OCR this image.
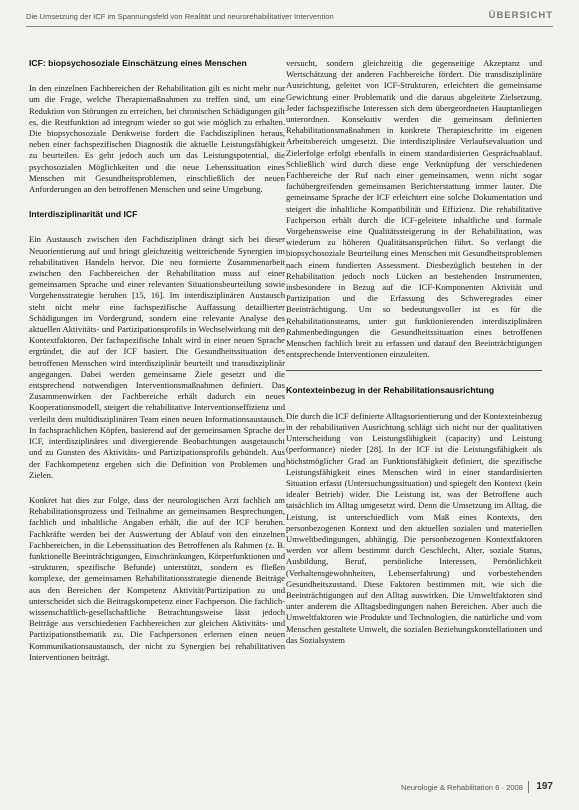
Die Umsetzung der ICF im Spannungsfeld von Realität und neurorehabilitativer Intervention	ÜBERSICHT
ICF: biopsychosoziale Einschätzung eines Menschen

In den einzelnen Fachbereichen der Rehabilitation gilt es nicht mehr nur um die Frage, welche Therapiemaßnahmen zu treffen sind, um eine Reduktion von Störungen zu erreichen, bei chronischen Schädigungen gilt es, die Restfunktion ad integrum wieder so gut wie möglich zu erhalten. Die biopsychosoziale Denkweise fordert die Fachdisziplinen heraus, neben einer fachspezifischen Diagnostik die aktuelle Leistungsfähigkeit zu beurteilen. Es geht jedoch auch um das Leistungspotential, die psychosozialen Möglichkeiten und die neue Lebenssituation eines Menschen mit Gesundheitsproblemen, einschließlich der neuen Anforderungen an den betroffenen Menschen und seine Umgebung.

Interdisziplinarität und ICF

Ein Austausch zwischen den Fachdisziplinen drängt sich bei dieser Neuorientierung auf und bringt gleichzeitig weitreichende Synergien im rehabilitativen Handeln hervor. Die neu formierte Zusammenarbeit zwischen den Fachbereichen der Rehabilitation muss auf einer gemeinsamen Sprache und einer relevanten Situationsbeurteilung sowie Vorgehensstrategie beruhen [15, 16]. Im interdisziplinären Austausch steht nicht mehr eine fachspezifische Auffassung detaillierter Schädigungen im Vordergrund, sondern eine relevante Analyse des aktuellen Aktivitäts- und Partizipationsprofils in Wechselwirkung mit den Kontextfaktoren. Der fachspezifische Inhalt wird in einer neuen Sprache ergründet, die auf der ICF basiert. Die Gesundheitssituation des betroffenen Menschen wird interdisziplinär beurteilt und transdisziplinär angegangen. Dabei werden gemeinsame Ziele gesetzt und die entsprechend notwendigen Interventionsmaßnahmen definiert. Das Zusammenwirken der Fachbereiche erhält dadurch ein neues Kooperationsmodell, steigert die rehabilitative Interventionseffizienz und verleiht dem multidisziplinären Team einen neuen Informationsaustausch. In fachsprachlichen Köpfen, basierend auf der gemeinsamen Sprache der ICF, interdisziplinäres und divergierende Beobachtungen ausgetauscht und zu Gunsten des Aktivitäts- und Partizipationsprofils gebündelt. Aus der Fachkompetenz ergeben sich die Definition von Problemen und Zielen.

Konkret hat dies zur Folge, dass der neurologischen Arzt fachlich am Rehabilitationsprozess und Teilnahme an gemeinsamen Besprechungen, fachlich und inhaltliche Angaben erhält, die auf der ICF beruhen. Fachkräfte werden bei der Auswertung der Ablauf von den einzelnen Fachbereichen, in die Lebenssituation des Betroffenen als Rahmen (z. B. funktionelle Beeinträchtigungen, Einschränkungen, Körperfunktionen und -strukturen, spezifische Befunde) unterstützt, sondern es fließen komplexe, der gemeinsamen Rehabilitationsstrategie dienende Beiträge aus den Bereichen der Kompetenz Aktivität/Partizipation zu und unterscheidet sich die Beitragskompetenz einer Fachperson. Die fachlich-wissenschaftlich-gesellschaftliche Betrachtungsweise lässt jedoch Beiträge aus verschiedenen Fachbereichen zur gleichen Aktivitäts- und Partizipationsthematik zu. Die Fachpersonen erlernen einen neuen Kommunikationsaustausch, der nicht zu Synergien bei rehabilitativen Interventionen beiträgt.

versucht, sondern gleichzeitig die gegenseitige Akzeptanz und Wertschätzung der anderen Fachbereiche fördert. Die transdisziplinäre Ausrichtung, geleitet von ICF-Strukturen, erleichtert die gemeinsame Gewichtung einer Problematik und die daraus abgeleitete Zielsetzung. Jeder fachspezifische Interessen sich dem übergeordneten Hauptanliegen unterordnen. Konsekutiv werden die gemeinsam definierten Rehabilitationsmaßnahmen in konkrete Therapieschritte im eigenen Arbeitsbereich umgesetzt. Die interdisziplinäre Verlaufsevaluation und Zielerfolge erfolgt ebenfalls in einem standardisierten Gesprächsablauf. Schließlich wird durch diese enge Verknüpfung der verschiedenen Fachbereiche der Ruf nach einer gemeinsamen, wenn nicht sogar fachübergreifenden gemeinsamen Berichterstattung immer lauter. Die gemeinsame Sprache der ICF erleichtert eine solche Dokumentation und steigert die inhaltliche Kompatibilität und Effizienz. Die rehabilitative Fachperson erhält durch die ICF-geleitete inhaltliche und formale Vorgehensweise eine Qualitätssteigerung in der Rehabilitation, was wiederum zu höheren Qualitätsansprüchen führt. So verlangt die biopsychosoziale Beurteilung eines Menschen mit Gesundheitsproblemen nach einem fundierten Assessment. Diesbezüglich bestehen in der Rehabilitation jedoch noch Lücken an bestehenden Instrumenten, insbesondere in Bezug auf die ICF-Komponenten Aktivität und Partizipation und die Erfassung des Schweregrades einer Beeinträchtigung. Um so bedeutungsvoller ist es für die Rehabilitationsteams, unter gut funktionierenden interdisziplinären Rahmenbedingungen die Gesundheitssituation eines betroffenen Menschen fachlich breit zu erfassen und darauf den Beeinträchtigungen entsprechende Interventionen einzuleiten.

Kontexteinbezug in der Rehabilitationsausrichtung

Die durch die ICF definierte Alltagsorientierung und der Kontexteinbezug in der rehabilitativen Ausrichtung schlägt sich nicht nur der qualitativen Unterscheidung von Leistungsfähigkeit (capacity) und Leistung (performance) nieder [28]. In der ICF ist die Leistungsfähigkeit als höchstmöglicher Grad an Funktionsfähigkeit definiert, die spezifische Leistungsfähigkeit eines Menschen wird in einer standardisierten Situation erfasst (Untersuchungssituation) und spiegelt den Kontext (kein idealer Betrieb) wider. Die Leistung ist, was der Betroffene auch tatsächlich im Alltag umgesetzt wird. Denn die Umsetzung im Alltag, die Leistung, ist unterschiedlich vom Maß eines Kontexts, den personbezogenen Kontext und den aktuellen sozialen und materiellen Umweltbedingungen, abhängig. Die personbezogenen Kontextfaktoren werden vor allem bestimmt durch Geschlecht, Alter, soziale Status, Ausbildung, Beruf, persönliche Interessen, Persönlichkeit (Verhaltensgewohnheiten, Lebenserfahrung) und vorbestehenden Gesundheitszustand. Diese Faktoren bestimmen mit, wie sich die Beeinträchtigungen auf den Alltag auswirken. Die Umweltfaktoren sind unter anderem die Alltagsbedingungen nahen Bereichen. Aber auch die Umweltfaktoren wie Produkte und Technologien, die natürliche und vom Menschen gestaltete Umwelt, die sozialen Beziehungskonstellationen und das Sozialsystem

Neurologie & Rehabilitation 6 · 2008 197
